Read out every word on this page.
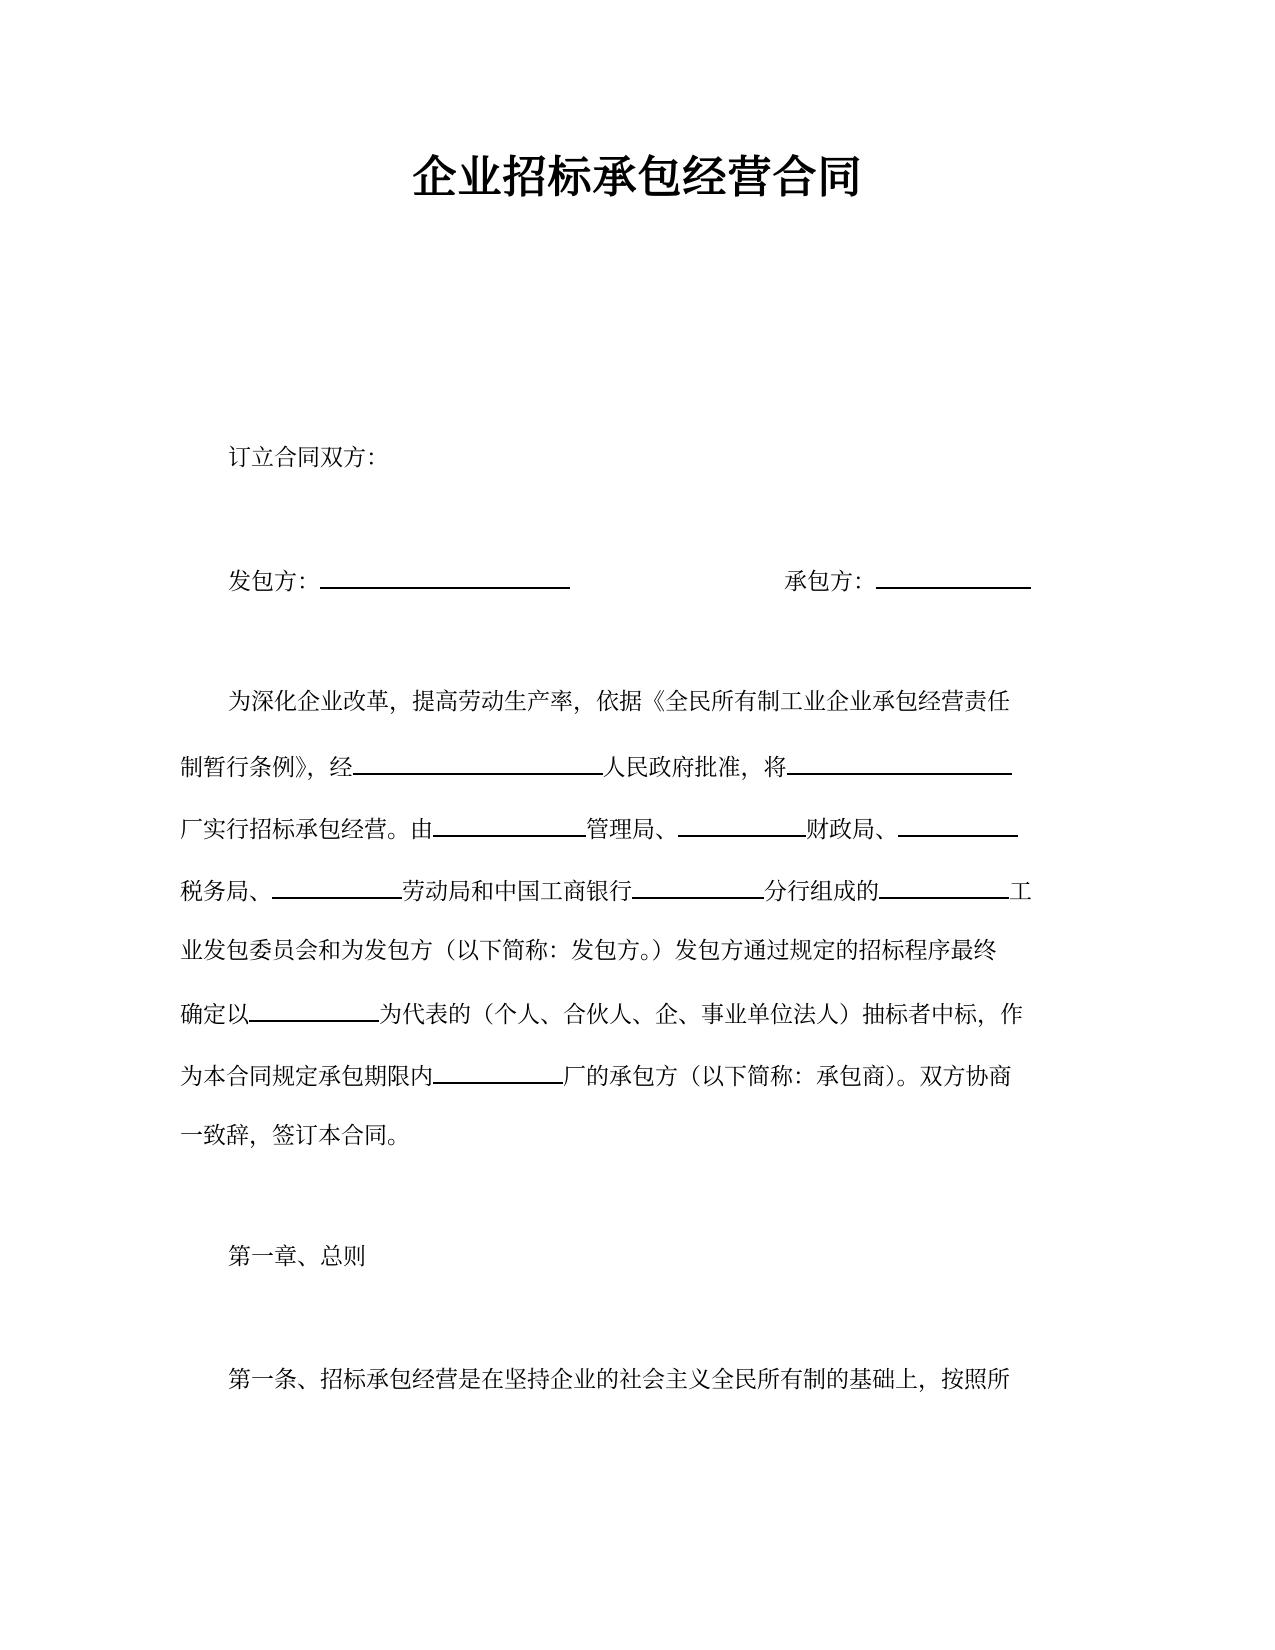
企业招标承包经营合同
订立合同双方：
发包方：	承包方：
为深化企业改革，提高劳动生产率，依据《全民所有制工业企业承包经营责任
制暂行条例》，经	人民政府批准，将
厂实行招标承包经营。由	管理局、	财政局、
税务局、	劳动局和中国工商银行	分行组成的	工
业发包委员会和为发包方（以下简称：发包方。）发包方通过规定的招标程序最终
确定以	为代表的（个人、合伙人、企、事业单位法人）抽标者中标，作
为本合同规定承包期限内	厂的承包方（以下简称：承包商）。双方协商
一致辞，签订本合同。
第一章、总则
第一条、招标承包经营是在坚持企业的社会主义全民所有制的基础上，按照所
